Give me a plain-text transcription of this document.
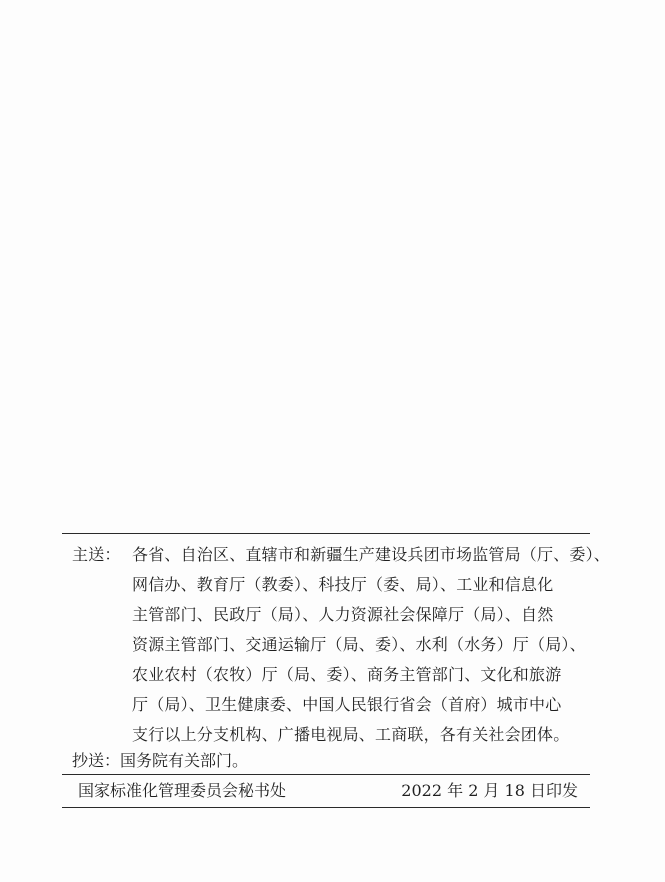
主送： 各省、自治区、直辖市和新疆生产建设兵团市场监管局（厅、委）、
网信办、教育厅（教委）、科技厅（委、局）、工业和信息化
主管部门、民政厅（局）、人力资源社会保障厅（局）、自然
资源主管部门、交通运输厅（局、委）、水利（水务）厅（局）、
农业农村（农牧）厅（局、委）、商务主管部门、文化和旅游
厅（局）、卫生健康委、中国人民银行省会（首府）城市中心
支行以上分支机构、广播电视局、工商联，各有关社会团体。
抄送：国务院有关部门。
国家标准化管理委员会秘书处	2022 年 2 月 18 日印发
